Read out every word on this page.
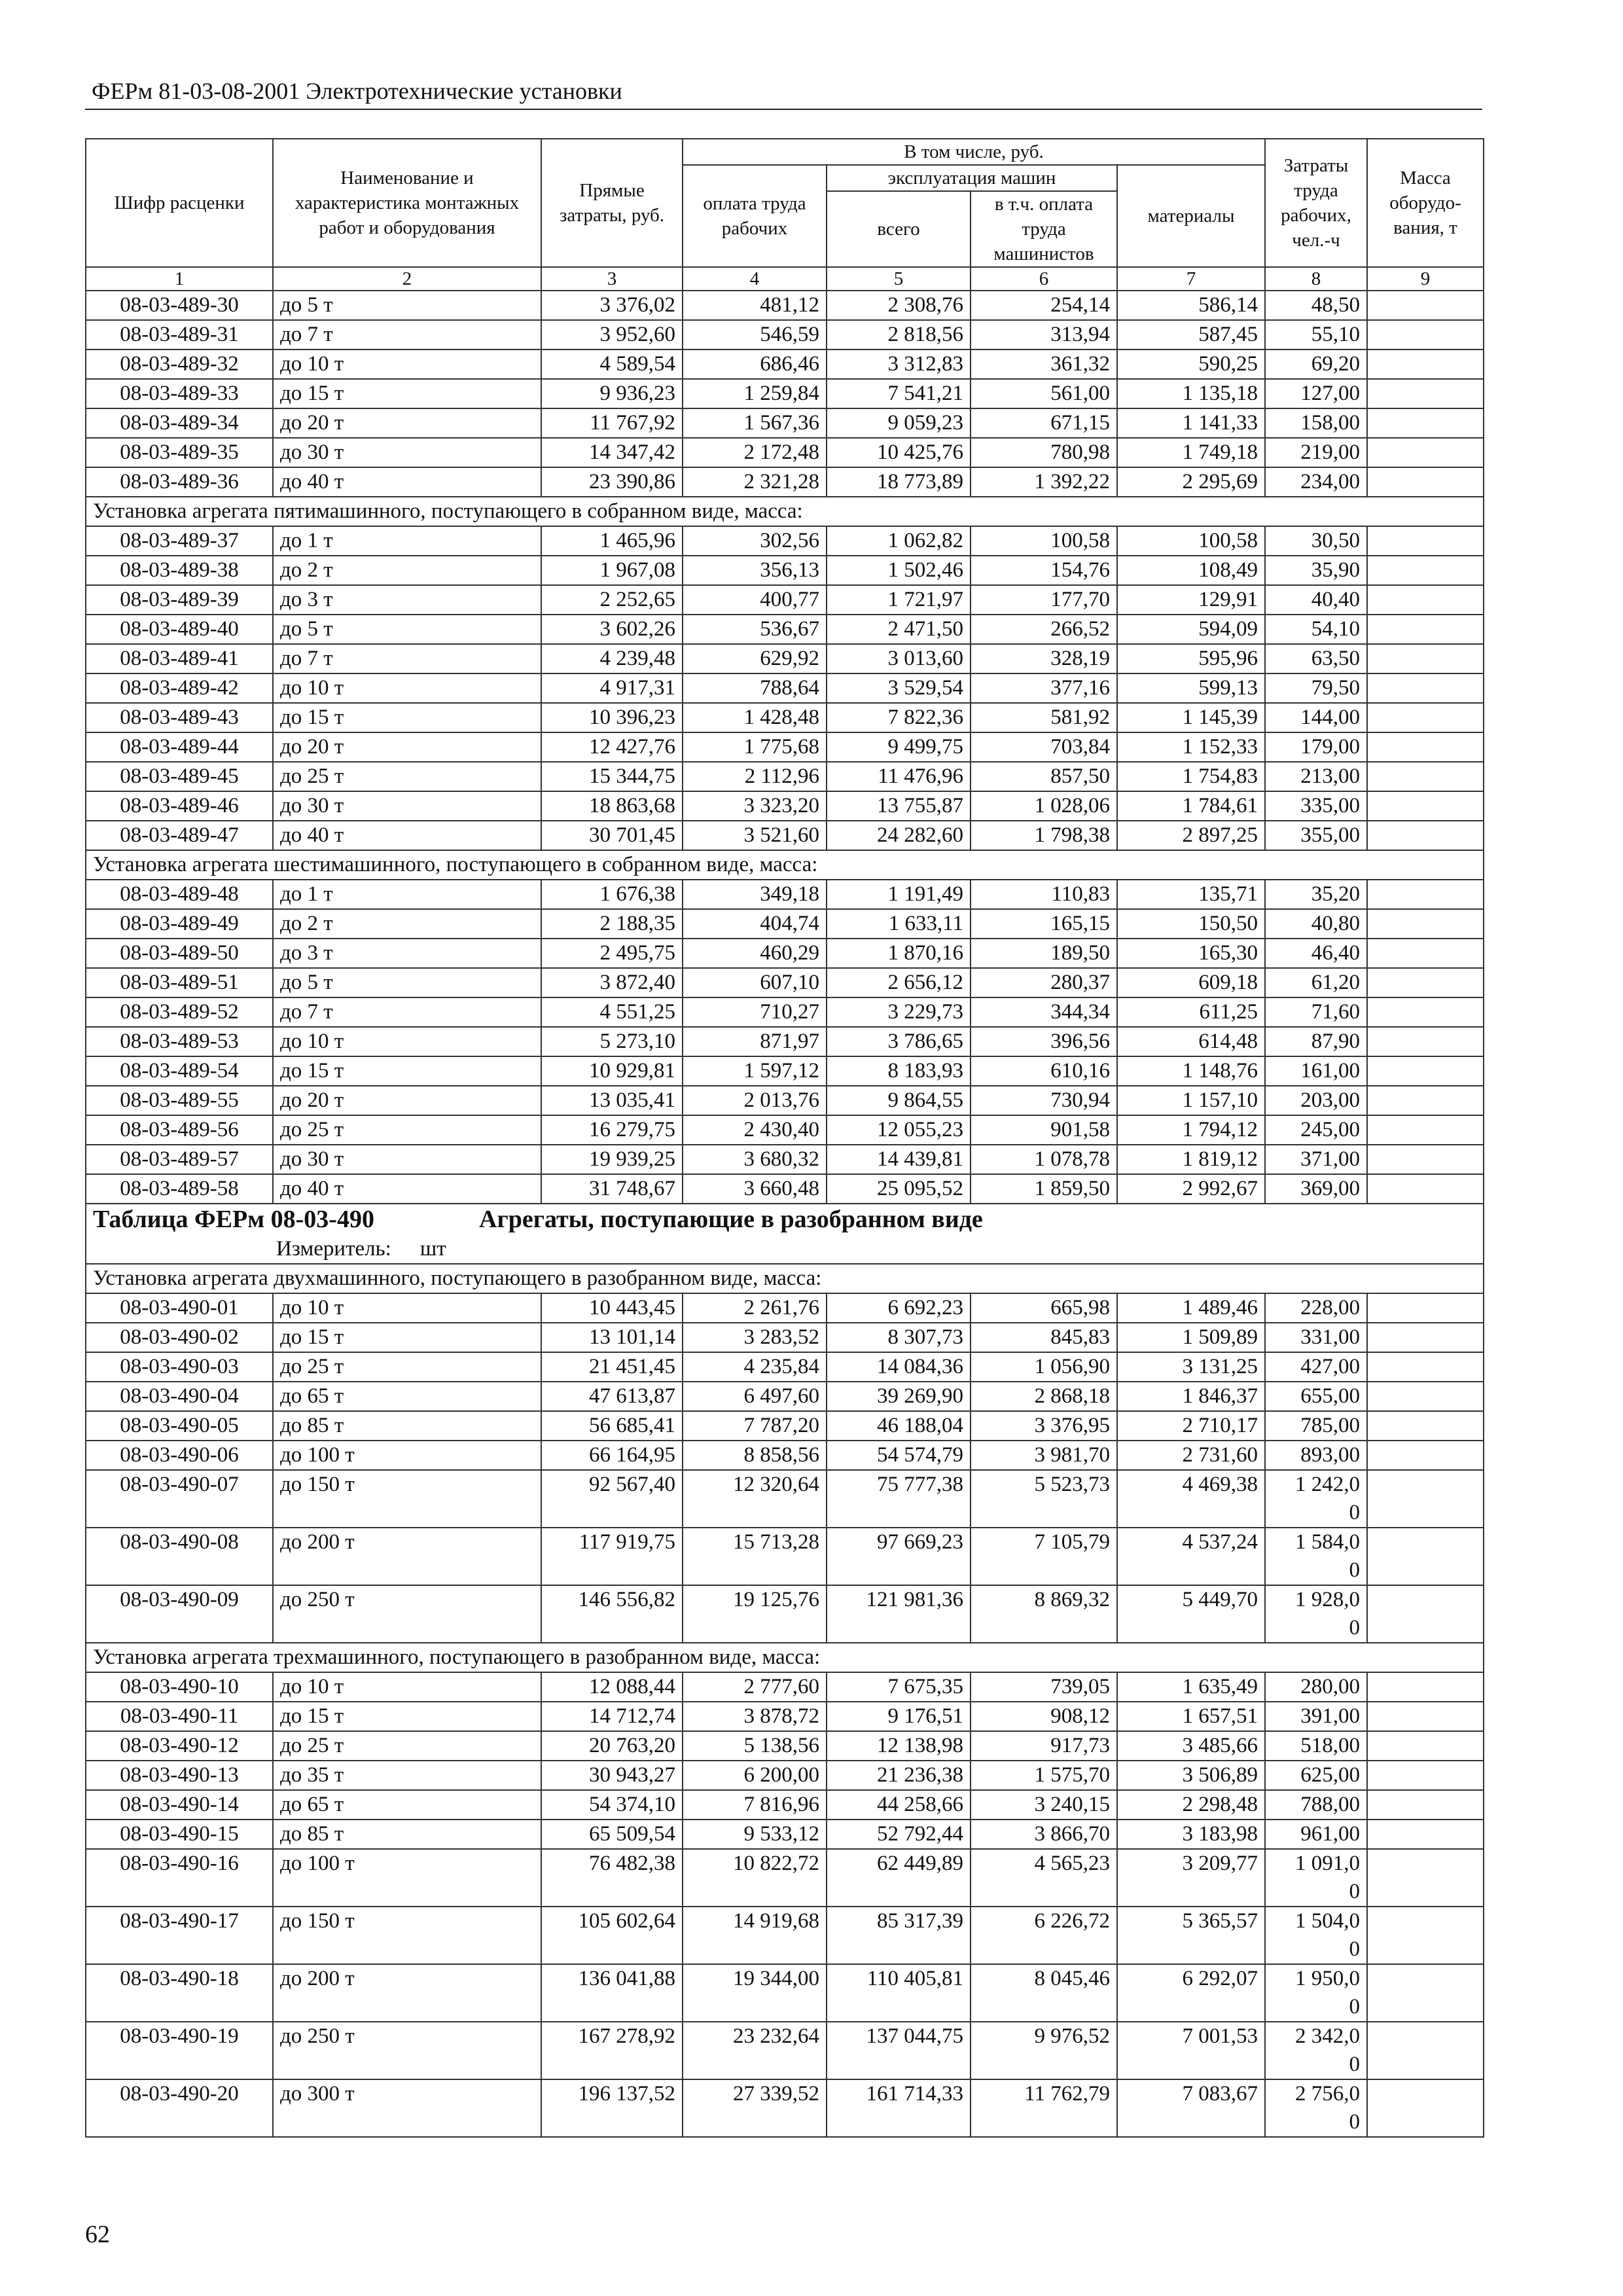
ФЕРм 81-03-08-2001 Электротехнические установки
Шифр расценки	Наименование и характеристика монтажных работ и оборудования	Прямые затраты, руб.	В том числе, руб.				Затраты труда рабочих, чел.-ч	Масса оборудо-вания, т
			оплата труда рабочих	эксплуатация машин		материалы		
				всего	в т.ч. оплата труда машинистов			
1	2	3	4	5	6	7	8	9
08-03-489-30	до 5 т	3 376,02	481,12	2 308,76	254,14	586,14	48,50	
08-03-489-31	до 7 т	3 952,60	546,59	2 818,56	313,94	587,45	55,10	
08-03-489-32	до 10 т	4 589,54	686,46	3 312,83	361,32	590,25	69,20	
08-03-489-33	до 15 т	9 936,23	1 259,84	7 541,21	561,00	1 135,18	127,00	
08-03-489-34	до 20 т	11 767,92	1 567,36	9 059,23	671,15	1 141,33	158,00	
08-03-489-35	до 30 т	14 347,42	2 172,48	10 425,76	780,98	1 749,18	219,00	
08-03-489-36	до 40 т	23 390,86	2 321,28	18 773,89	1 392,22	2 295,69	234,00	
Установка агрегата пятимашинного, поступающего в собранном виде, масса:								
08-03-489-37	до 1 т	1 465,96	302,56	1 062,82	100,58	100,58	30,50	
08-03-489-38	до 2 т	1 967,08	356,13	1 502,46	154,76	108,49	35,90	
08-03-489-39	до 3 т	2 252,65	400,77	1 721,97	177,70	129,91	40,40	
08-03-489-40	до 5 т	3 602,26	536,67	2 471,50	266,52	594,09	54,10	
08-03-489-41	до 7 т	4 239,48	629,92	3 013,60	328,19	595,96	63,50	
08-03-489-42	до 10 т	4 917,31	788,64	3 529,54	377,16	599,13	79,50	
08-03-489-43	до 15 т	10 396,23	1 428,48	7 822,36	581,92	1 145,39	144,00	
08-03-489-44	до 20 т	12 427,76	1 775,68	9 499,75	703,84	1 152,33	179,00	
08-03-489-45	до 25 т	15 344,75	2 112,96	11 476,96	857,50	1 754,83	213,00	
08-03-489-46	до 30 т	18 863,68	3 323,20	13 755,87	1 028,06	1 784,61	335,00	
08-03-489-47	до 40 т	30 701,45	3 521,60	24 282,60	1 798,38	2 897,25	355,00	
Установка агрегата шестимашинного, поступающего в собранном виде, масса:								
08-03-489-48	до 1 т	1 676,38	349,18	1 191,49	110,83	135,71	35,20	
08-03-489-49	до 2 т	2 188,35	404,74	1 633,11	165,15	150,50	40,80	
08-03-489-50	до 3 т	2 495,75	460,29	1 870,16	189,50	165,30	46,40	
08-03-489-51	до 5 т	3 872,40	607,10	2 656,12	280,37	609,18	61,20	
08-03-489-52	до 7 т	4 551,25	710,27	3 229,73	344,34	611,25	71,60	
08-03-489-53	до 10 т	5 273,10	871,97	3 786,65	396,56	614,48	87,90	
08-03-489-54	до 15 т	10 929,81	1 597,12	8 183,93	610,16	1 148,76	161,00	
08-03-489-55	до 20 т	13 035,41	2 013,76	9 864,55	730,94	1 157,10	203,00	
08-03-489-56	до 25 т	16 279,75	2 430,40	12 055,23	901,58	1 794,12	245,00	
08-03-489-57	до 30 т	19 939,25	3 680,32	14 439,81	1 078,78	1 819,12	371,00	
08-03-489-58	до 40 т	31 748,67	3 660,48	25 095,52	1 859,50	2 992,67	369,00	
Таблица ФЕРм 08-03-490 Агрегаты, поступающие в разобранном виде								
Измеритель: шт								
Установка агрегата двухмашинного, поступающего в разобранном виде, масса:								
08-03-490-01	до 10 т	10 443,45	2 261,76	6 692,23	665,98	1 489,46	228,00	
08-03-490-02	до 15 т	13 101,14	3 283,52	8 307,73	845,83	1 509,89	331,00	
08-03-490-03	до 25 т	21 451,45	4 235,84	14 084,36	1 056,90	3 131,25	427,00	
08-03-490-04	до 65 т	47 613,87	6 497,60	39 269,90	2 868,18	1 846,37	655,00	
08-03-490-05	до 85 т	56 685,41	7 787,20	46 188,04	3 376,95	2 710,17	785,00	
08-03-490-06	до 100 т	66 164,95	8 858,56	54 574,79	3 981,70	2 731,60	893,00	
08-03-490-07	до 150 т	92 567,40	12 320,64	75 777,38	5 523,73	4 469,38	1 242,0
0	

08-03-490-08	до 200 т	117 919,75	15 713,28	97 669,23	7 105,79	4 537,24	1 584,0
0	

08-03-490-09	до 250 т	146 556,82	19 125,76	121 981,36	8 869,32	5 449,70	1 928,0
0	

Установка агрегата трехмашинного, поступающего в разобранном виде, масса:								
08-03-490-10	до 10 т	12 088,44	2 777,60	7 675,35	739,05	1 635,49	280,00	
08-03-490-11	до 15 т	14 712,74	3 878,72	9 176,51	908,12	1 657,51	391,00	
08-03-490-12	до 25 т	20 763,20	5 138,56	12 138,98	917,73	3 485,66	518,00	
08-03-490-13	до 35 т	30 943,27	6 200,00	21 236,38	1 575,70	3 506,89	625,00	
08-03-490-14	до 65 т	54 374,10	7 816,96	44 258,66	3 240,15	2 298,48	788,00	
08-03-490-15	до 85 т	65 509,54	9 533,12	52 792,44	3 866,70	3 183,98	961,00	
08-03-490-16	до 100 т	76 482,38	10 822,72	62 449,89	4 565,23	3 209,77	1 091,0
0	

08-03-490-17	до 150 т	105 602,64	14 919,68	85 317,39	6 226,72	5 365,57	1 504,0
0	

08-03-490-18	до 200 т	136 041,88	19 344,00	110 405,81	8 045,46	6 292,07	1 950,0
0	

08-03-490-19	до 250 т	167 278,92	23 232,64	137 044,75	9 976,52	7 001,53	2 342,0
0	

08-03-490-20	до 300 т	196 137,52	27 339,52	161 714,33	11 762,79	7 083,67	2 756,0
0	

62
